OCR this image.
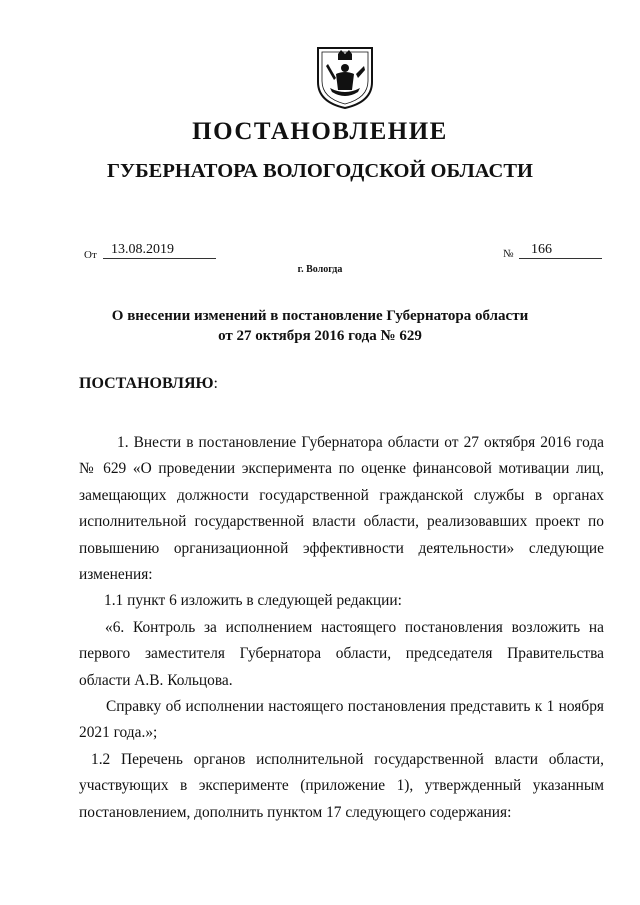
ПОСТАНОВЛЕНИЕ
ГУБЕРНАТОРА ВОЛОГОДСКОЙ ОБЛАСТИ
От	13.08.2019	№	166
г. Вологда
О внесении изменений в постановление Губернатора области
от 27 октября 2016 года № 629
ПОСТАНОВЛЯЮ:

1. Внести в постановление Губернатора области от 27 октября 2016 года № 629 «О проведении эксперимента по оценке финансовой мотивации лиц, замещающих должности государственной гражданской службы в органах исполнительной государственной власти области, реализовавших проект по повышению организационной эффективности деятельности» следующие изменения:

1.1 пункт 6 изложить в следующей редакции:

«6. Контроль за исполнением настоящего постановления возложить на первого заместителя Губернатора области, председателя Правительства области А.В. Кольцова.

Справку об исполнении настоящего постановления представить к 1 ноября 2021 года.»;

1.2 Перечень органов исполнительной государственной власти области, участвующих в эксперименте (приложение 1), утвержденный указанным постановлением, дополнить пунктом 17 следующего содержания:
